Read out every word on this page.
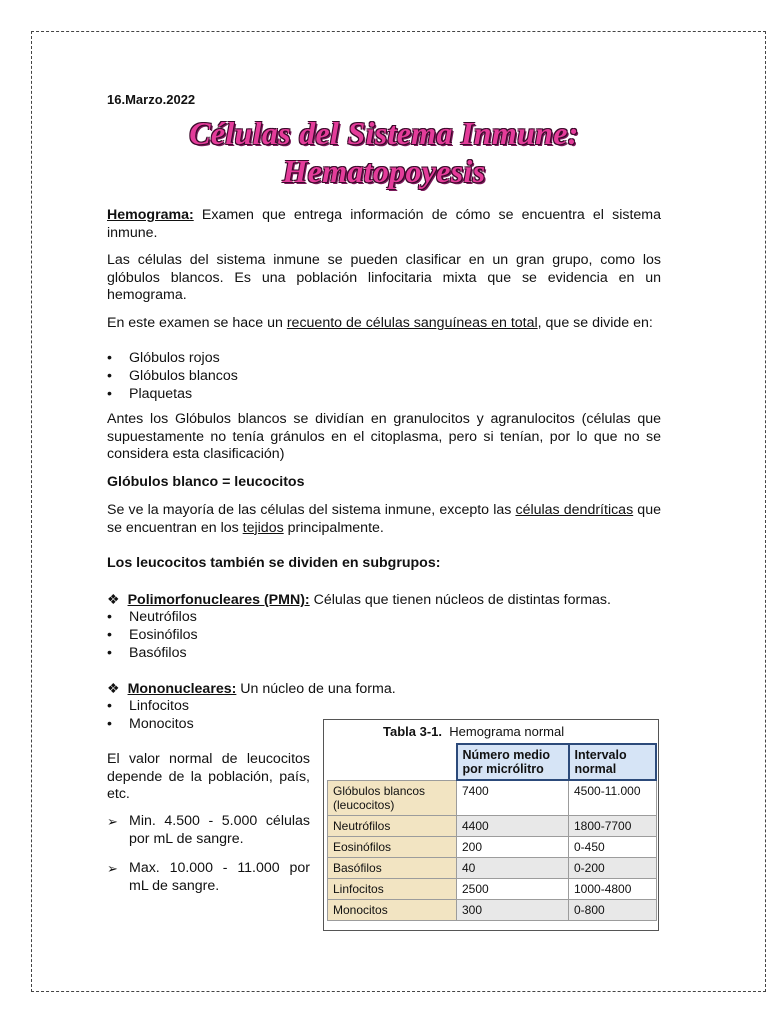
16.Marzo.2022
Células del Sistema Inmune:
Hematopoyesis
Hemograma: Examen que entrega información de cómo se encuentra el sistema inmune.
Las células del sistema inmune se pueden clasificar en un gran grupo, como los glóbulos blancos. Es una población linfocitaria mixta que se evidencia en un hemograma.
En este examen se hace un recuento de células sanguíneas en total, que se divide en:
• Glóbulos rojos
• Glóbulos blancos
• Plaquetas
Antes los Glóbulos blancos se dividían en granulocitos y agranulocitos (células que supuestamente no tenía gránulos en el citoplasma, pero si tenían, por lo que no se considera esta clasificación)
Glóbulos blanco = leucocitos
Se ve la mayoría de las células del sistema inmune, excepto las células dendríticas que se encuentran en los tejidos principalmente.
Los leucocitos también se dividen en subgrupos:
❖ Polimorfonucleares (PMN): Células que tienen núcleos de distintas formas.
• Neutrófilos
• Eosinófilos
• Basófilos
❖ Mononucleares: Un núcleo de una forma.
• Linfocitos
• Monocitos
El valor normal de leucocitos depende de la población, país, etc.
➢ Min. 4.500 - 5.000 células por mL de sangre.
➢ Max. 10.000 - 11.000 por mL de sangre.
Tabla 3-1. Hemograma normal
	Número medio por micrólitro	Intervalo normal
Glóbulos blancos (leucocitos)	7400	4500-11.000
Neutrófilos	4400	1800-7700
Eosinófilos	200	0-450
Basófilos	40	0-200
Linfocitos	2500	1000-4800
Monocitos	300	0-800
